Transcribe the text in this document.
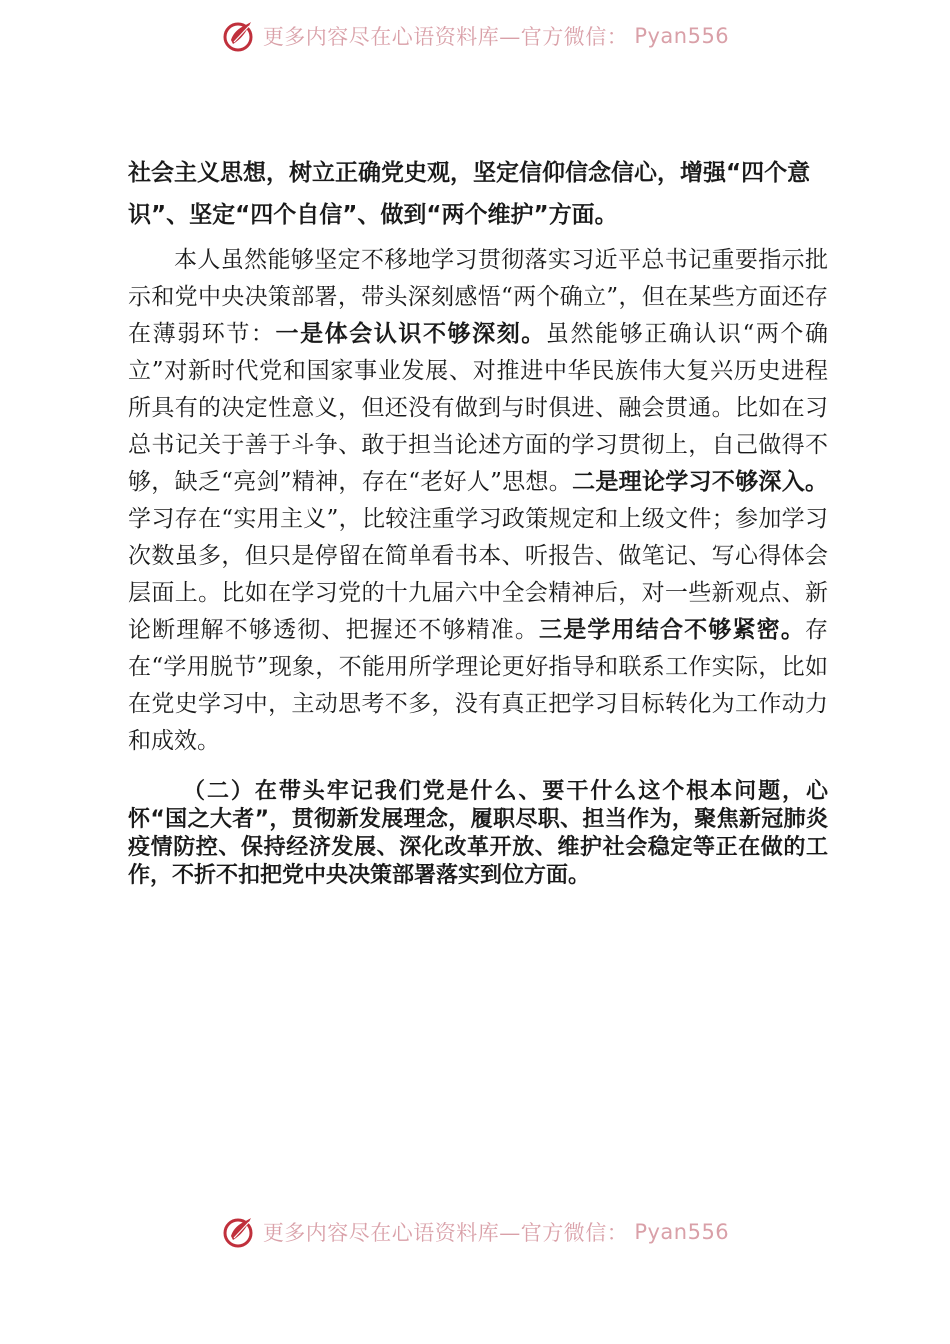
更多内容尽在心语资料库—官方微信： Pyan556

社会主义思想，树立正确党史观，坚定信仰信念信心，增强“四个意识”、坚定“四个自信”、做到“两个维护”方面。

本人虽然能够坚定不移地学习贯彻落实习近平总书记重要指示批示和党中央决策部署，带头深刻感悟“两个确立”，但在某些方面还存在薄弱环节：一是体会认识不够深刻。虽然能够正确认识“两个确立”对新时代党和国家事业发展、对推进中华民族伟大复兴历史进程所具有的决定性意义，但还没有做到与时俱进、融会贯通。比如在习总书记关于善于斗争、敢于担当论述方面的学习贯彻上，自己做得不够，缺乏“亮剑”精神，存在“老好人”思想。二是理论学习不够深入。学习存在“实用主义”，比较注重学习政策规定和上级文件；参加学习次数虽多，但只是停留在简单看书本、听报告、做笔记、写心得体会层面上。比如在学习党的十九届六中全会精神后，对一些新观点、新论断理解不够透彻、把握还不够精准。三是学用结合不够紧密。存在“学用脱节”现象，不能用所学理论更好指导和联系工作实际，比如在党史学习中，主动思考不多，没有真正把学习目标转化为工作动力和成效。

（二）在带头牢记我们党是什么、要干什么这个根本问题，心怀“国之大者”，贯彻新发展理念，履职尽职、担当作为，聚焦新冠肺炎疫情防控、保持经济发展、深化改革开放、维护社会稳定等正在做的工作，不折不扣把党中央决策部署落实到位方面。

更多内容尽在心语资料库—官方微信： Pyan556
